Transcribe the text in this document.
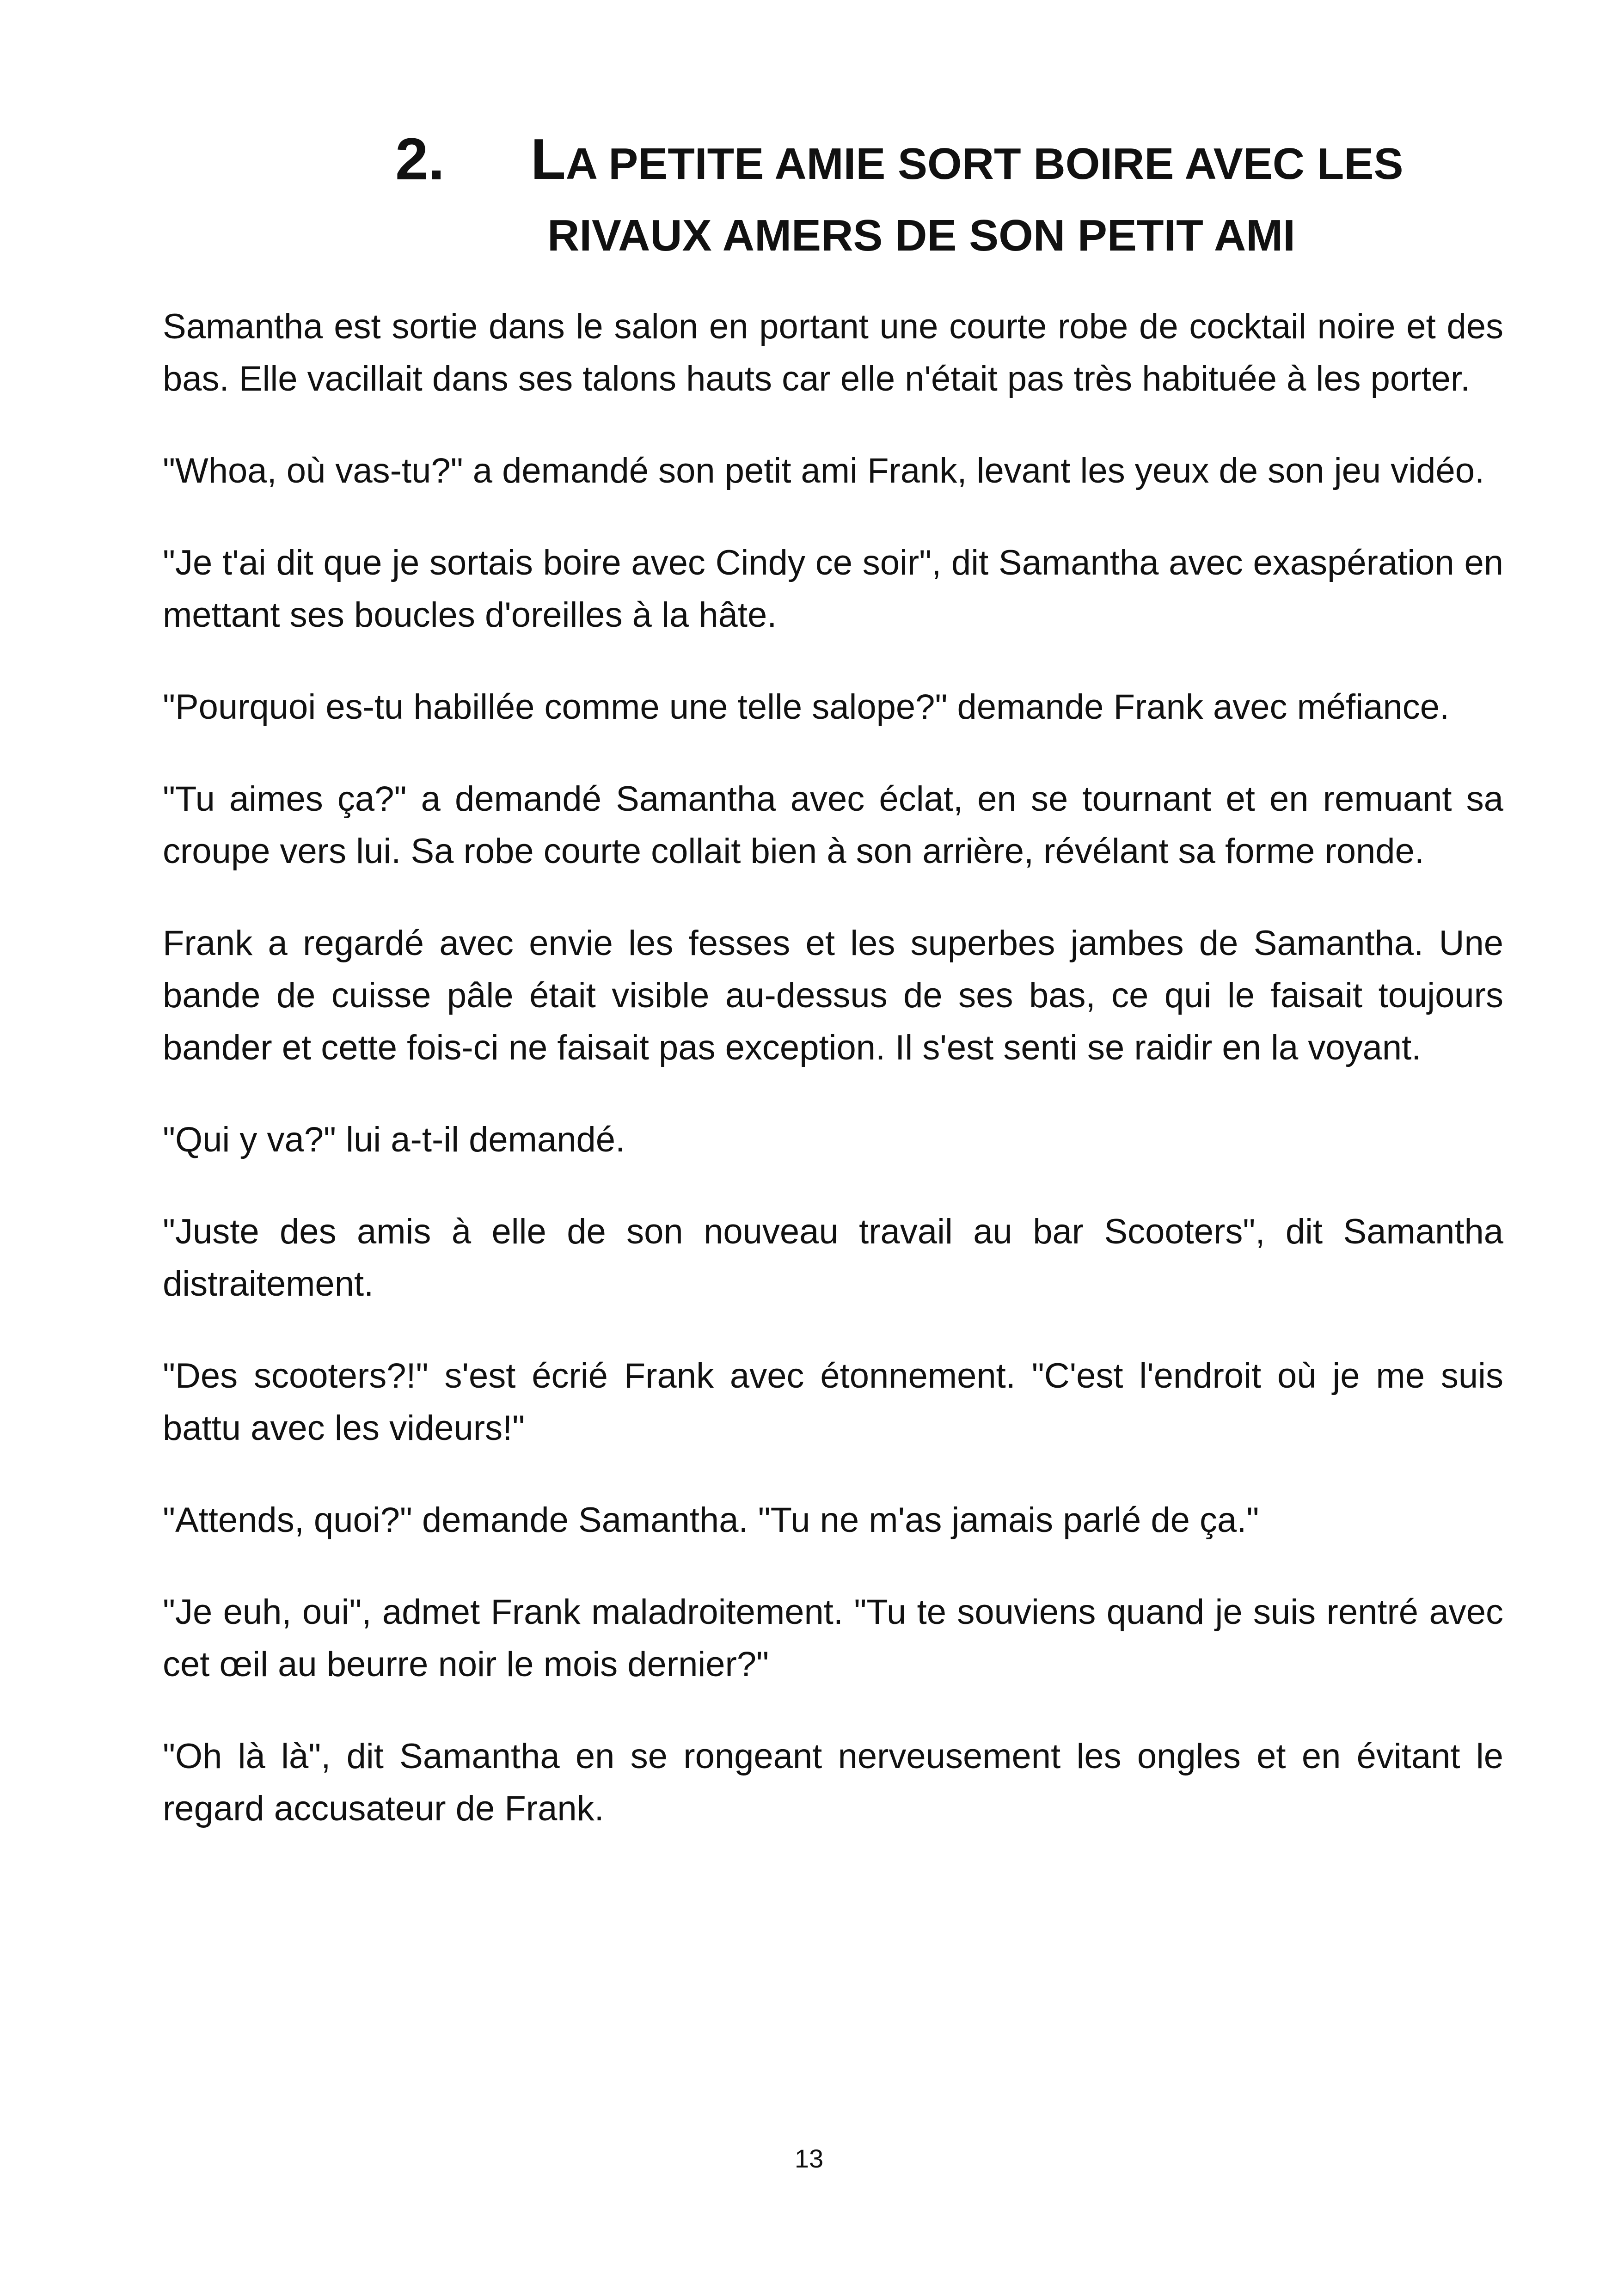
2. LA PETITE AMIE SORT BOIRE AVEC LES
RIVAUX AMERS DE SON PETIT AMI

Samantha est sortie dans le salon en portant une courte robe de cocktail noire et des bas. Elle vacillait dans ses talons hauts car elle n'était pas très habituée à les porter.

"Whoa, où vas-tu?" a demandé son petit ami Frank, levant les yeux de son jeu vidéo.

"Je t'ai dit que je sortais boire avec Cindy ce soir", dit Samantha avec exaspération en mettant ses boucles d'oreilles à la hâte.

"Pourquoi es-tu habillée comme une telle salope?" demande Frank avec méfiance.

"Tu aimes ça?" a demandé Samantha avec éclat, en se tournant et en remuant sa croupe vers lui. Sa robe courte collait bien à son arrière, révélant sa forme ronde.

Frank a regardé avec envie les fesses et les superbes jambes de Samantha. Une bande de cuisse pâle était visible au-dessus de ses bas, ce qui le faisait toujours bander et cette fois-ci ne faisait pas exception. Il s'est senti se raidir en la voyant.

"Qui y va?" lui a-t-il demandé.

"Juste des amis à elle de son nouveau travail au bar Scooters", dit Samantha distraitement.

"Des scooters?!" s'est écrié Frank avec étonnement. "C'est l'endroit où je me suis battu avec les videurs!"

"Attends, quoi?" demande Samantha. "Tu ne m'as jamais parlé de ça."

"Je euh, oui", admet Frank maladroitement. "Tu te souviens quand je suis rentré avec cet œil au beurre noir le mois dernier?"

"Oh là là", dit Samantha en se rongeant nerveusement les ongles et en évitant le regard accusateur de Frank.

13
